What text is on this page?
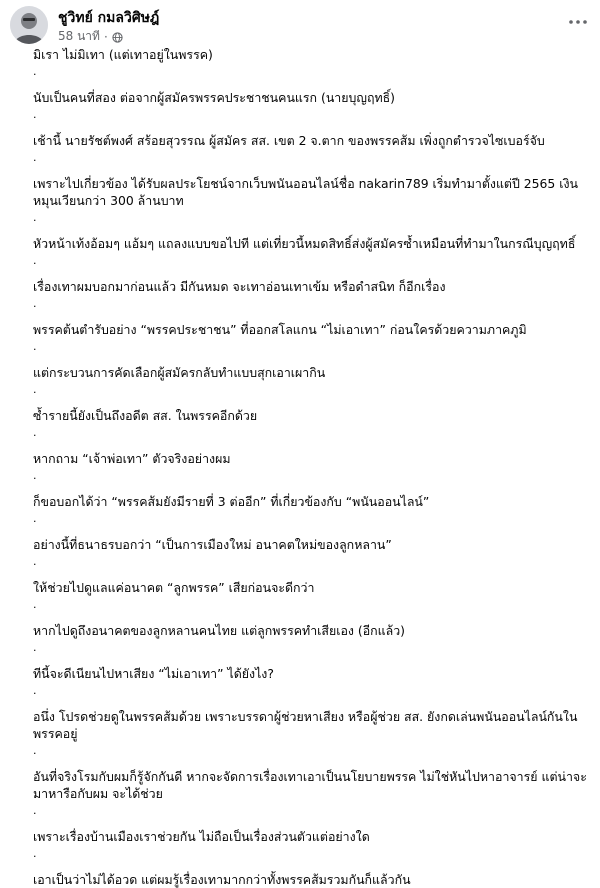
ชูวิทย์ กมลวิศิษฎ์
58 นาที ·
มิเรา ไม่มิเทา (แต่เทาอยู่ในพรรค)
.
นับเป็นคนที่สอง ต่อจากผู้สมัครพรรคประชาชนคนแรก (นายบุญฤทธิ์)
.
เช้านี้ นายรัชต์พงศ์ สร้อยสุวรรณ ผู้สมัคร สส. เขต 2 จ.ตาก ของพรรคส้ม เพิ่งถูกตำรวจไซเบอร์จับ
.
เพราะไปเกี่ยวข้อง ได้รับผลประโยชน์จากเว็บพนันออนไลน์ชื่อ nakarin789 เริ่มทำมาตั้งแต่ปี 2565 เงินหมุนเวียนกว่า 300 ล้านบาท
.
หัวหน้าเท้งอ้อมๆ แอ้มๆ แถลงแบบขอไปที แต่เที่ยวนี้หมดสิทธิ์ส่งผู้สมัครซ้ำเหมือนที่ทำมาในกรณีบุญฤทธิ์
.
เรื่องเทาผมบอกมาก่อนแล้ว มีกันหมด จะเทาอ่อนเทาเข้ม หรือดำสนิท ก็อีกเรื่อง
.
พรรคต้นตำรับอย่าง “พรรคประชาชน” ที่ออกสโลแกน “ไม่เอาเทา” ก่อนใครด้วยความภาคภูมิ
.
แต่กระบวนการคัดเลือกผู้สมัครกลับทำแบบสุกเอาเผากิน
.
ซ้ำรายนี้ยังเป็นถึงอดีต สส. ในพรรคอีกด้วย
.
หากถาม “เจ้าพ่อเทา” ตัวจริงอย่างผม
.
ก็ขอบอกได้ว่า “พรรคส้มยังมีรายที่ 3 ต่ออีก” ที่เกี่ยวข้องกับ “พนันออนไลน์”
.
อย่างนี้ที่ธนาธรบอกว่า “เป็นการเมืองใหม่ อนาคตใหม่ของลูกหลาน”
.
ให้ช่วยไปดูแลแค่อนาคต “ลูกพรรค” เสียก่อนจะดีกว่า
.
หากไปดูถึงอนาคตของลูกหลานคนไทย แต่ลูกพรรคทำเสียเอง (อีกแล้ว)
.
ทีนี้จะดีเนียนไปหาเสียง “ไม่เอาเทา” ได้ยังไง?
.
อนึ่ง โปรดช่วยดูในพรรคส้มด้วย เพราะบรรดาผู้ช่วยหาเสียง หรือผู้ช่วย สส. ยังกดเล่นพนันออนไลน์กันในพรรคอยู่
.
อันที่จริงโรมกับผมก็รู้จักกันดี หากจะจัดการเรื่องเทาเอาเป็นนโยบายพรรค ไม่ใช่หันไปหาอาจารย์ แต่น่าจะมาหารือกับผม จะได้ช่วย
.
เพราะเรื่องบ้านเมืองเราช่วยกัน ไม่ถือเป็นเรื่องส่วนตัวแต่อย่างใด
.
เอาเป็นว่าไม่ได้อวด แต่ผมรู้เรื่องเทามากกว่าทั้งพรรคส้มรวมกันก็แล้วกัน
